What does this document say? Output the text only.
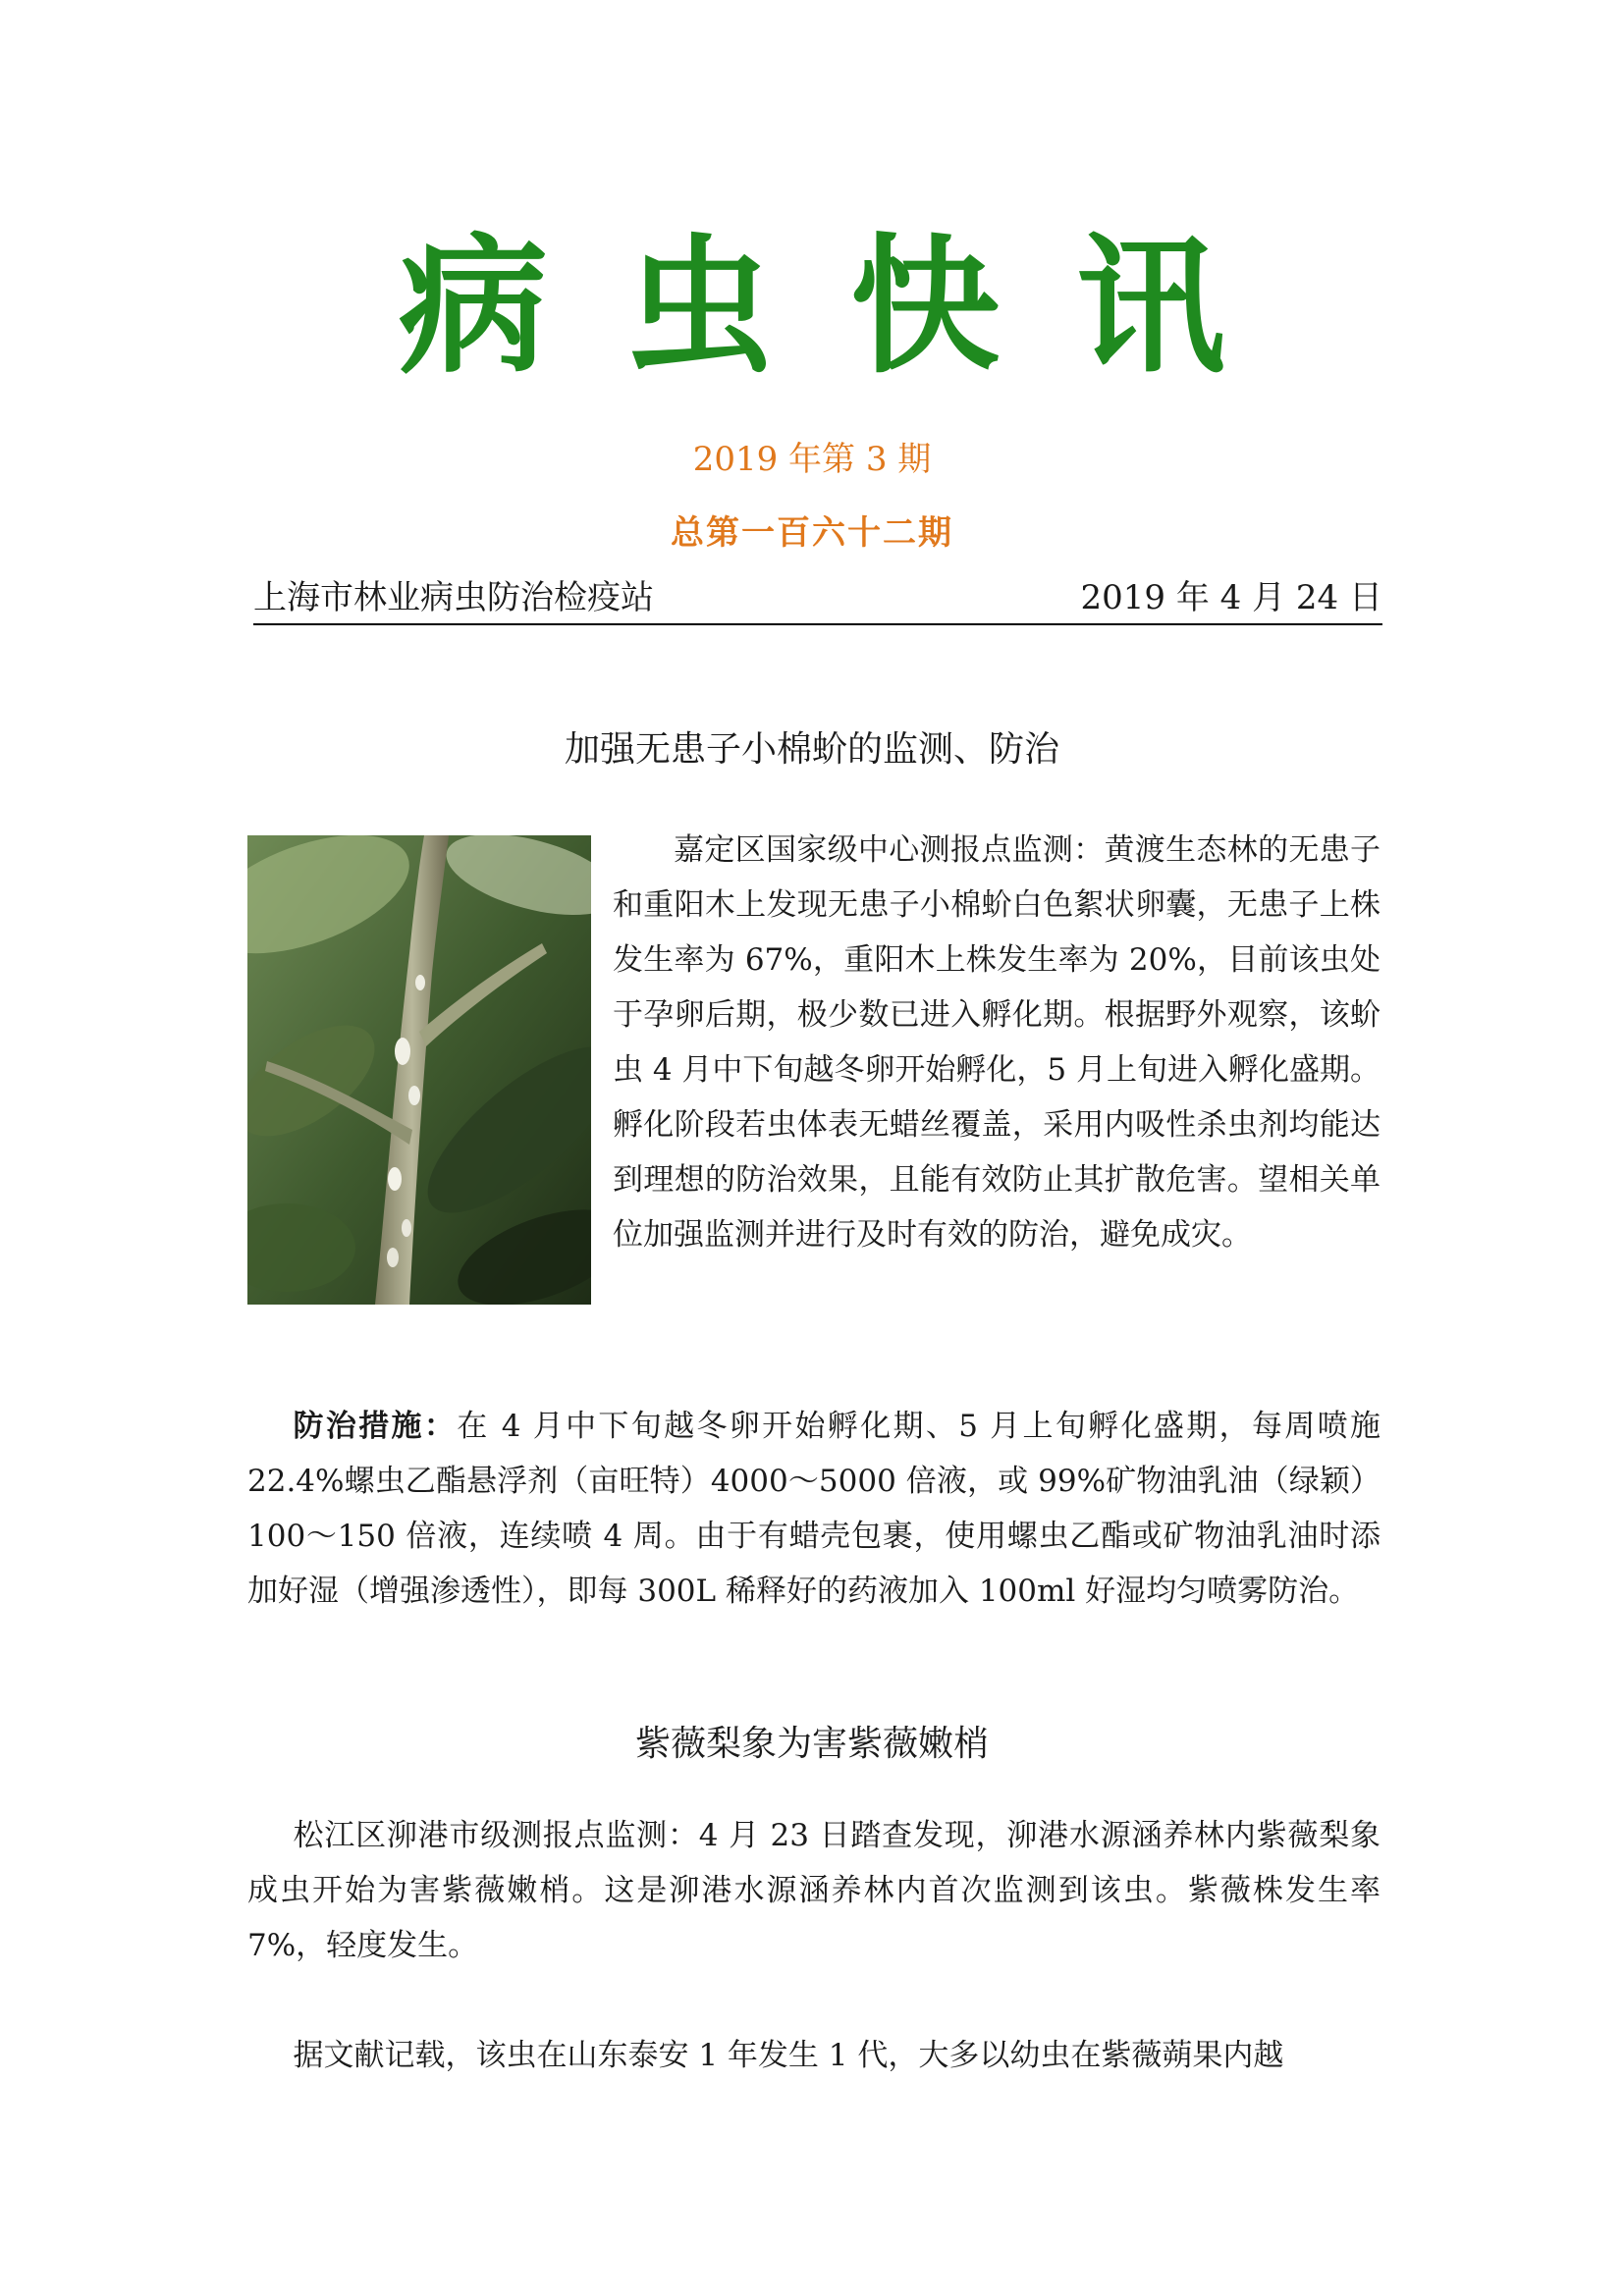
病虫快讯
2019 年第 3 期
总第一百六十二期
上海市林业病虫防治检疫站	2019 年 4 月 24 日
加强无患子小棉蚧的监测、防治
嘉定区国家级中心测报点监测：黄渡生态林的无患子和重阳木上发现无患子小棉蚧白色絮状卵囊，无患子上株发生率为 67%，重阳木上株发生率为 20%，目前该虫处于孕卵后期，极少数已进入孵化期。根据野外观察，该蚧虫 4 月中下旬越冬卵开始孵化，5 月上旬进入孵化盛期。孵化阶段若虫体表无蜡丝覆盖，采用内吸性杀虫剂均能达到理想的防治效果，且能有效防止其扩散危害。望相关单位加强监测并进行及时有效的防治，避免成灾。
防治措施：在 4 月中下旬越冬卵开始孵化期、5 月上旬孵化盛期，每周喷施 22.4%螺虫乙酯悬浮剂（亩旺特）4000～5000 倍液，或 99%矿物油乳油（绿颖）100～150 倍液，连续喷 4 周。由于有蜡壳包裹，使用螺虫乙酯或矿物油乳油时添加好湿（增强渗透性），即每 300L 稀释好的药液加入 100ml 好湿均匀喷雾防治。
紫薇梨象为害紫薇嫩梢
松江区泖港市级测报点监测：4 月 23 日踏查发现，泖港水源涵养林内紫薇梨象成虫开始为害紫薇嫩梢。这是泖港水源涵养林内首次监测到该虫。紫薇株发生率 7%，轻度发生。
据文献记载，该虫在山东泰安 1 年发生 1 代，大多以幼虫在紫薇蒴果内越
